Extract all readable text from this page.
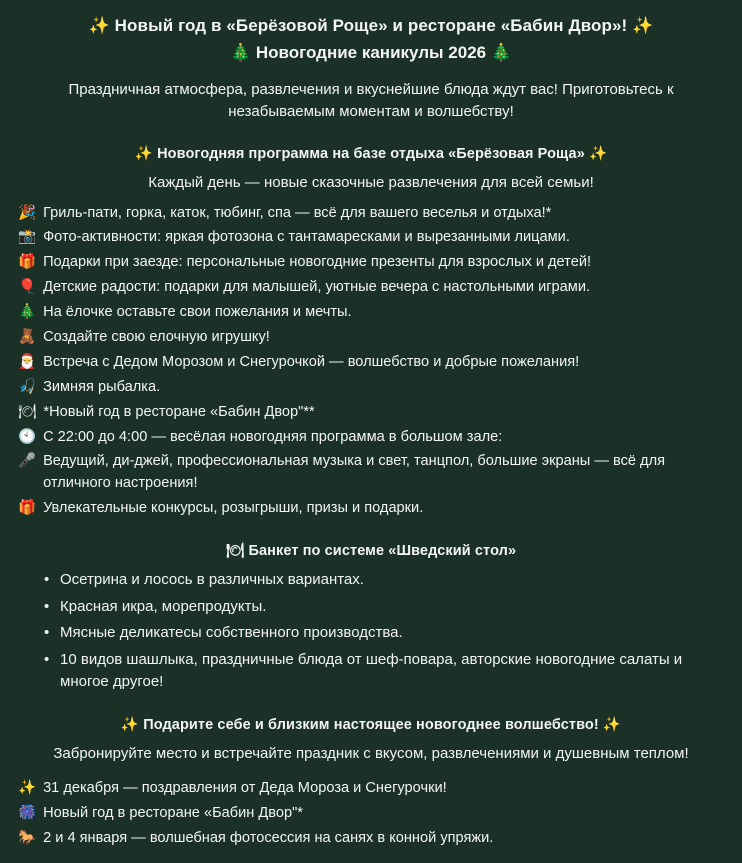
✨ Новый год в «Берёзовой Роще» и ресторане «Бабин Двор»! ✨
🎄 Новогодние каникулы 2026 🎄
Праздничная атмосфера, развлечения и вкуснейшие блюда ждут вас! Приготовьтесь к незабываемым моментам и волшебству!
✨ Новогодняя программа на базе отдыха «Берёзовая Роща» ✨
Каждый день — новые сказочные развлечения для всей семьи!
🎉 Гриль-пати, горка, каток, тюбинг, спа — всё для вашего веселья и отдыха!*
📸 Фото-активности: яркая фотозона с тантамаресками и вырезанными лицами.
🎁 Подарки при заезде: персональные новогодние презенты для взрослых и детей!
🎈 Детские радости: подарки для малышей, уютные вечера с настольными играми.
🎄 На ёлочке оставьте свои пожелания и мечты.
🧸 Создайте свою елочную игрушку!
🎅 Встреча с Дедом Морозом и Снегурочкой — волшебство и добрые пожелания!
🎣 Зимняя рыбалка.
🍽 *Новый год в ресторане «Бабин Двор"**
🕙 С 22:00 до 4:00 — весёлая новогодняя программа в большом зале:
🎤 Ведущий, ди-джей, профессиональная музыка и свет, танцпол, большие экраны — всё для отличного настроения!
🎁 Увлекательные конкурсы, розыгрыши, призы и подарки.
🍽 Банкет по системе «Шведский стол»
• Осетрина и лосось в различных вариантах.
• Красная икра, морепродукты.
• Мясные деликатесы собственного производства.
• 10 видов шашлыка, праздничные блюда от шеф-повара, авторские новогодние салаты и многое другое!
✨ Подарите себе и близким настоящее новогоднее волшебство! ✨
Забронируйте место и встречайте праздник с вкусом, развлечениями и душевным теплом!
✨ 31 декабря — поздравления от Деда Мороза и Снегурочки!
🎆 Новый год в ресторане «Бабин Двор"*
🐎 2 и 4 января — волшебная фотосессия на санях в конной упряжи.
